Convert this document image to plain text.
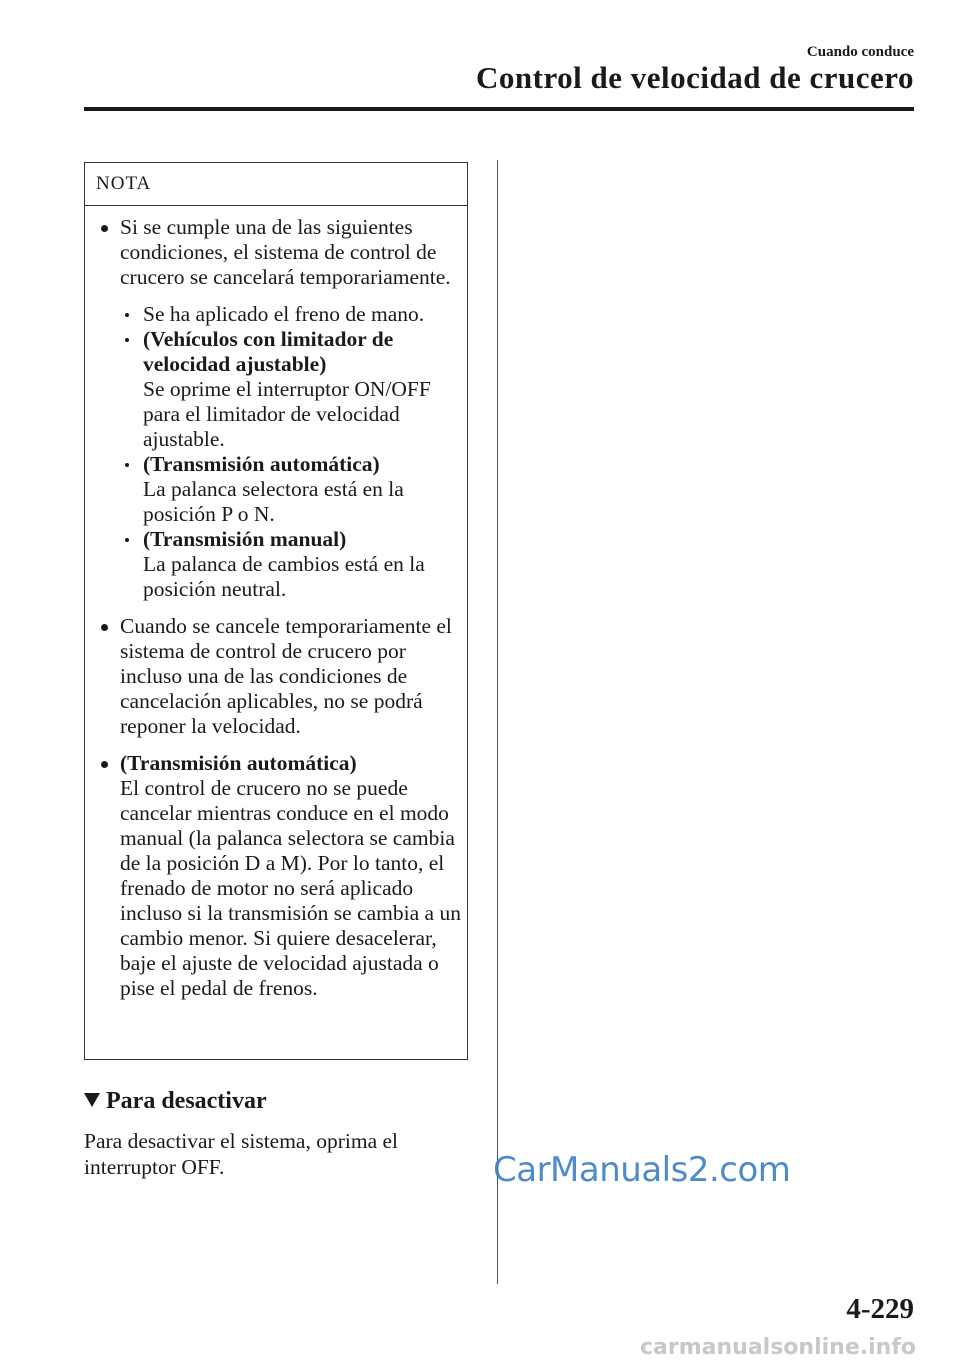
Cuando conduce
Control de velocidad de crucero
NOTA
Si se cumple una de las siguientes condiciones, el sistema de control de crucero se cancelará temporariamente.
Se ha aplicado el freno de mano.
(Vehículos con limitador de velocidad ajustable)
Se oprime el interruptor ON/OFF para el limitador de velocidad ajustable.
(Transmisión automática)
La palanca selectora está en la posición P o N.
(Transmisión manual)
La palanca de cambios está en la posición neutral.
Cuando se cancele temporariamente el sistema de control de crucero por incluso una de las condiciones de cancelación aplicables, no se podrá reponer la velocidad.
(Transmisión automática)
El control de crucero no se puede cancelar mientras conduce en el modo manual (la palanca selectora se cambia de la posición D a M). Por lo tanto, el frenado de motor no será aplicado incluso si la transmisión se cambia a un cambio menor. Si quiere desacelerar, baje el ajuste de velocidad ajustada o pise el pedal de frenos.
Para desactivar
Para desactivar el sistema, oprima el interruptor OFF.	CarManuals2.com
4-229
carmanualsonline.info
